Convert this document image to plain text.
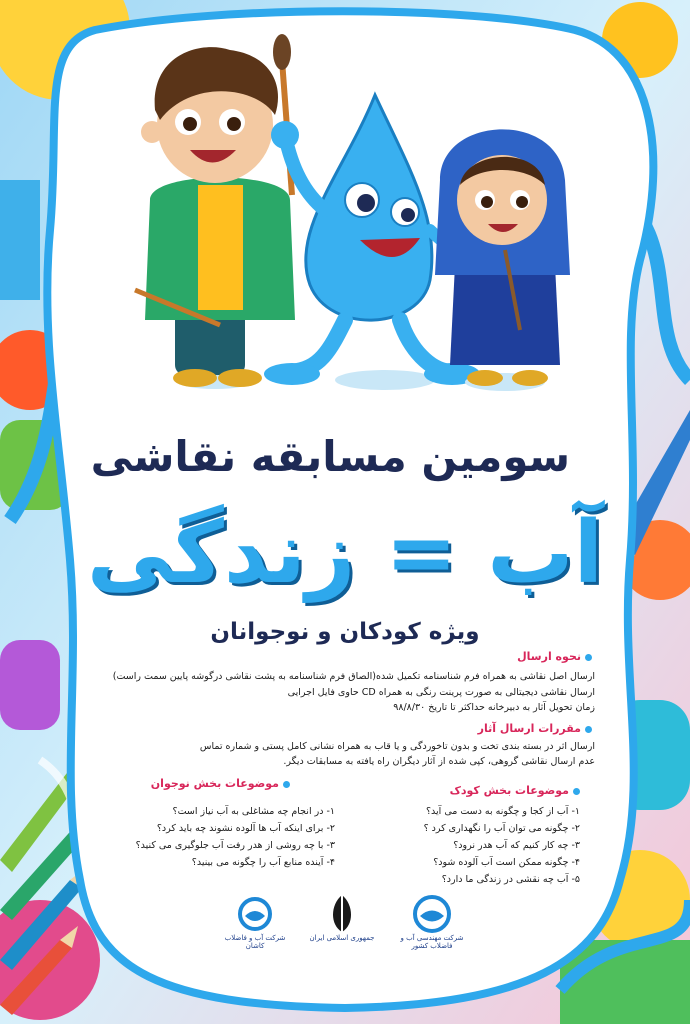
سومین مسابقه نقاشی
آب = زندگی
ویژه کودکان و نوجوانان
نحوه ارسال
ارسال اصل نقاشی به همراه فرم شناسنامه تکمیل شده(الصاق فرم شناسنامه به پشت نقاشی درگوشه پایین سمت راست)
ارسال نقاشی دیجیتالی به صورت پرینت رنگی به همراه CD حاوی فایل اجرایی
زمان تحویل آثار به دبیرخانه حداکثر تا تاریخ ۹۸/۸/۳۰
مقررات ارسال آثار
ارسال اثر در بسته بندی تخت و بدون تاخوردگی و یا قاب به همراه نشانی کامل پستی و شماره تماس
عدم ارسال نقاشی گروهی، کپی شده از آثار دیگران راه یافته به مسابقات دیگر.
موضوعات بخش کودک
۱- آب از کجا و چگونه به دست می آید؟
۲- چگونه می توان آب را نگهداری کرد ؟
۳- چه کار کنیم که آب هدر نرود؟
۴- چگونه ممکن است آب آلوده شود؟
۵- آب چه نقشی در زندگی ما دارد؟
موضوعات بخش نوجوان
۱- در انجام چه مشاغلی به آب نیاز است؟
۲- برای اینکه آب ها آلوده نشوند چه باید کرد؟
۳- با چه روشی از هدر رفت آب جلوگیری می کنید؟
۴- آینده منابع آب را چگونه می بینید؟
شرکت مهندسی آب و فاضلاب کشور
جمهوری اسلامی ایران
شرکت آب و فاضلاب کاشان
